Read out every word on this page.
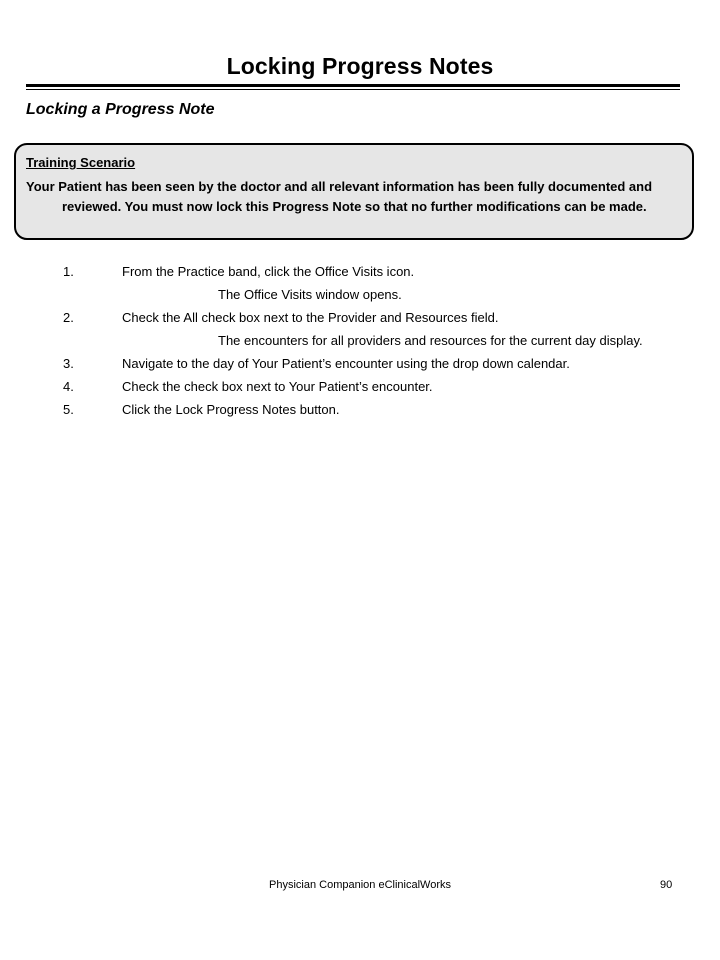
Locking Progress Notes
Locking a Progress Note
Training Scenario
Your Patient has been seen by the doctor and all relevant information has been fully documented and reviewed. You must now lock this Progress Note so that no further modifications can be made.
1.	From the Practice band, click the Office Visits icon.
The Office Visits window opens.
2.	Check the All check box next to the Provider and Resources field.
The encounters for all providers and resources for the current day display.
3.	Navigate to the day of Your Patient’s encounter using the drop down calendar.
4.	Check the check box next to Your Patient’s encounter.
5.	Click the Lock Progress Notes button.
Physician Companion eClinicalWorks	90
